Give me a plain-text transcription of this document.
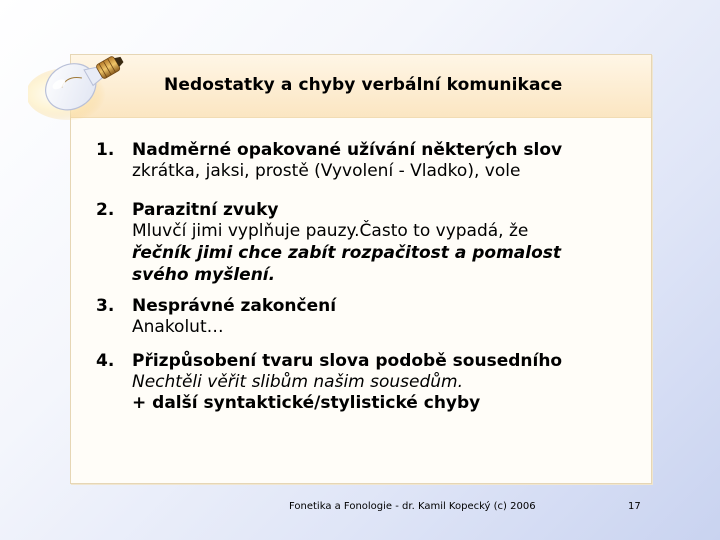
Nedostatky a chyby verbální komunikace
1. Nadměrné opakované užívání některých slov
zkrátka, jaksi, prostě (Vyvolení - Vladko), vole
2. Parazitní zvuky
Mluvčí jimi vyplňuje pauzy.Často to vypadá, že
řečník jimi chce zabít rozpačitost a pomalost
svého myšlení.
3. Nesprávné zakončení
Anakolut…
4. Přizpůsobení tvaru slova podobě sousedního
Nechtěli věřit slibům našim sousedům.
+ další syntaktické/stylistické chyby
Fonetika a Fonologie - dr. Kamil Kopecký (c) 2006	17
